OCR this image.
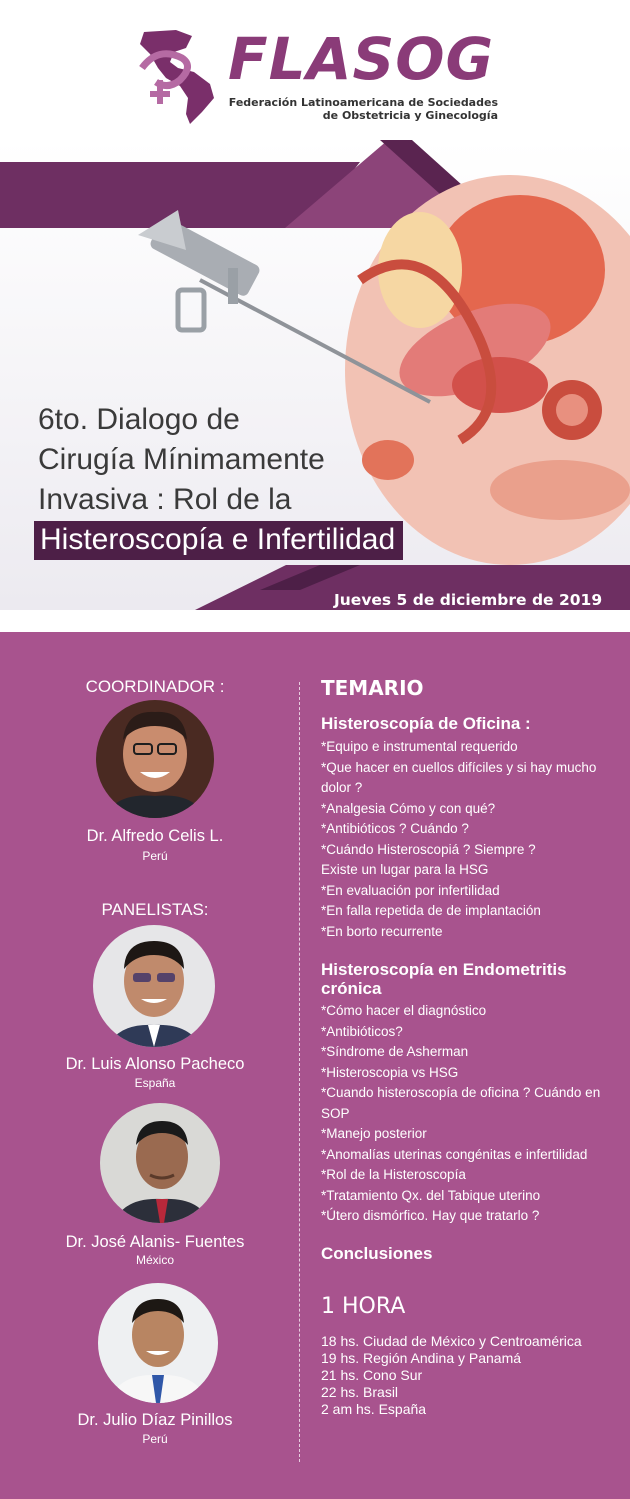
FLASOG
Federación Latinoamericana de Sociedades
de Obstetricia y Ginecología
6to. Dialogo de
Cirugía Mínimamente
Invasiva : Rol de la
Histeroscopía e Infertilidad
Jueves 5 de diciembre de 2019
COORDINADOR :
Dr. Alfredo Celis L.
Perú
PANELISTAS:
Dr. Luis Alonso Pacheco
España
Dr. José Alanis- Fuentes
México
Dr. Julio Díaz Pinillos
Perú
TEMARIO
Histeroscopía de Oficina :
*Equipo e instrumental requerido
*Que hacer en cuellos difíciles y si hay mucho dolor ?
*Analgesia Cómo y con qué?
*Antibióticos ? Cuándo ?
*Cuándo Histeroscopiá ? Siempre ?
Existe un lugar para la HSG
*En evaluación por infertilidad
*En falla repetida de de implantación
*En borto recurrente
Histeroscopía en Endometritis crónica
*Cómo hacer el diagnóstico
*Antibióticos?
*Síndrome de Asherman
*Histeroscopia vs HSG
*Cuando histeroscopía de oficina ? Cuándo en SOP
*Manejo posterior
*Anomalías uterinas congénitas e infertilidad
*Rol de la Histeroscopía
*Tratamiento Qx. del Tabique uterino
*Útero dismórfico. Hay que tratarlo ?
Conclusiones
1 HORA
18 hs. Ciudad de México y Centroamérica
19 hs. Región Andina y Panamá
21 hs. Cono Sur
22 hs. Brasil
2 am hs. España
